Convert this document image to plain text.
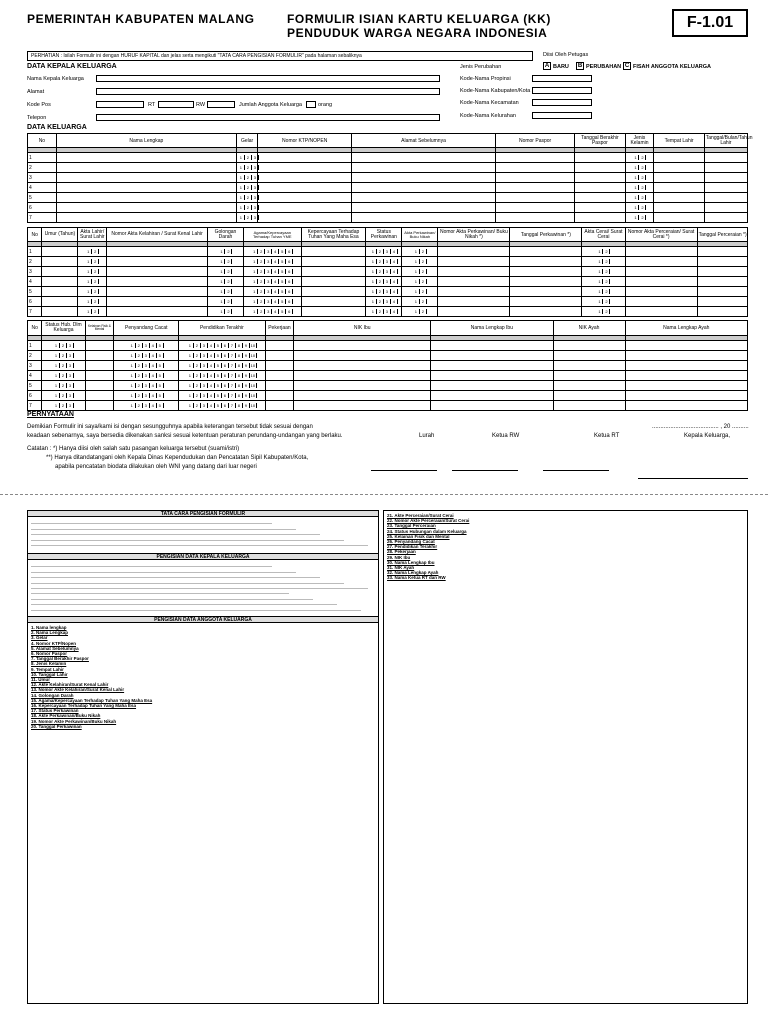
PEMERINTAH KABUPATEN MALANG	FORMULIR ISIAN KARTU KELUARGA (KK)
PENDUDUK WARGA NEGARA INDONESIA
F-1.01
PERHATIAN : Isilah Formulir ini dengan HURUF KAPITAL dan jelas serta mengikuti "TATA CARA PENGISIAN FORMULIR" pada halaman sebaliknya	Diisi Oleh Petugas
Jenis Perubahan	A BARU	B PERUBAHAN C FISAH ANGGOTA KELUARGA
Kode-Nama Propinsi
Kode-Nama Kabupaten/Kota
Kode-Nama Kecamatan
Kode-Nama Kelurahan
DATA KEPALA KELUARGA
Nama Kepala Keluarga
Alamat
Kode Pos	RT	RW	Jumlah Anggota Keluarga	orang
Telepon
DATA KELUARGA
No	Nama Lengkap	Gelar	Nomor KTP/NOPEN	Alamat Sebelumnya	Nomor Paspor	Tanggal Berakhir Paspor	Jenis Kelamin	Tempat Lahir	Tanggal/Bulan/Tahun Lahir

1		1 2 3					1 2		
2		1 2 3					1 2		
3		1 2 3					1 2		
4		1 2 3					1 2		
5		1 2 3					1 2		
6		1 2 3					1 2		
7		1 2 3					1 2		
No	Umur (Tahun)	Akta Lahir/ Surat Lahir	Nomor Akta Kelahiran / Surat Kenal Lahir	Golongan Darah	Agama/Kepercayaan Terhadap Tuhan YME	Kepercayaan Terhadap Tuhan Yang Maha Esa	Status Perkawinan	Akta Perkawinan/ Buku Nikah	Nomor Akta Perkawinan/ Buku Nikah *)	Tanggal Perkawinan *)	Akta Cerai/ Surat Cerai	Nomor Akta Perceraian/ Surat Cerai *)	Tanggal Perceraian *)

1		1 2		1 2	1 2 3 4 5 6		1 2 3 4	1 2			1 2		
2		1 2		1 2	1 2 3 4 5 6		1 2 3 4	1 2			1 2		
3		1 2		1 2	1 2 3 4 5 6		1 2 3 4	1 2			1 2		
4		1 2		1 2	1 2 3 4 5 6		1 2 3 4	1 2			1 2		
5		1 2		1 2	1 2 3 4 5 6		1 2 3 4	1 2			1 2		
6		1 2		1 2	1 2 3 4 5 6		1 2 3 4	1 2			1 2		
7		1 2		1 2	1 2 3 4 5 6		1 2 3 4	1 2			1 2		
No	Status Hub. Dlm Keluarga	Kelainan Fisik & Mental	Penyandang Cacat	Pendidikan Terakhir	Pekerjaan	NIK Ibu	Nama Lengkap Ibu	NIK Ayah	Nama Lengkap Ayah

1	1 2 3		1 2 3 4 5	1 2 3 4 5 6 7 8 9 10					
2	1 2 3		1 2 3 4 5	1 2 3 4 5 6 7 8 9 10					
3	1 2 3		1 2 3 4 5	1 2 3 4 5 6 7 8 9 10					
4	1 2 3		1 2 3 4 5	1 2 3 4 5 6 7 8 9 10					
5	1 2 3		1 2 3 4 5	1 2 3 4 5 6 7 8 9 10					
6	1 2 3		1 2 3 4 5	1 2 3 4 5 6 7 8 9 10					
7	1 2 3		1 2 3 4 5	1 2 3 4 5 6 7 8 9 10					
PERNYATAAN
Demikian Formulir ini saya/kami isi dengan sesungguhnya apabila keterangan tersebut tidak sesuai dengan
keadaan sebenarnya, saya bersedia dikenakan sanksi sesuai ketentuan peraturan perundang-undangan yang berlaku.
Catatan : *) Hanya diisi oleh salah satu pasangan keluarga tersebut (suami/istri)
**) Hanya ditandatangani oleh Kepala Dinas Kependudukan dan Pencatatan Sipil Kabupaten/Kota,
apabila pencatatan biodata dilakukan oleh WNI yang datang dari luar negeri
........................................ , 20 ..........
Lurah	Ketua RW	Ketua RT	Kepala Keluarga,
TATA CARA PENGISIAN FORMULIR
PENGISIAN DATA KEPALA KELUARGA
PENGISIAN DATA ANGGOTA KELUARGA
1. Nama lengkap
2. Nama Lengkap
3. Gelar
4. Nomor KTP/Nopen
5. Alamat Sebelumnya
6. Nomor Paspor
7. Tanggal Berakhir Paspor
8. Jenis Kelamin
9. Tempat Lahir
10. Tanggal Lahir
11. Umur
12. Akte Kelahiran/Surat Kenal Lahir
13. Nomor Akte Kelahiran/Surat Kenal Lahir
14. Golongan Darah
15. Agama/Kepercayaan Terhadap Tuhan Yang Maha Esa
16. Kepercayaan Terhadap Tuhan Yang Maha Esa
17. Status Perkawinan
18. Akte Perkawinan/Buku Nikah
19. Nomor Akte Perkawinan/Buku Nikah
20. Tanggal Perkawinan
21. Akte Perceraian/Surat Cerai
22. Nomor Akte Perceraian/Surat Cerai
23. Tanggal Perceraian
24. Status Hubungan dalam Keluarga
25. Kelainan Fisik dan Mental
26. Penyandang Cacat
27. Pendidikan Terakhir
28. Pekerjaan
29. NIK Ibu
30. Nama Lengkap Ibu
31. NIK Ayah
32. Nama Lengkap Ayah
33. Nama Ketua RT dan RW
